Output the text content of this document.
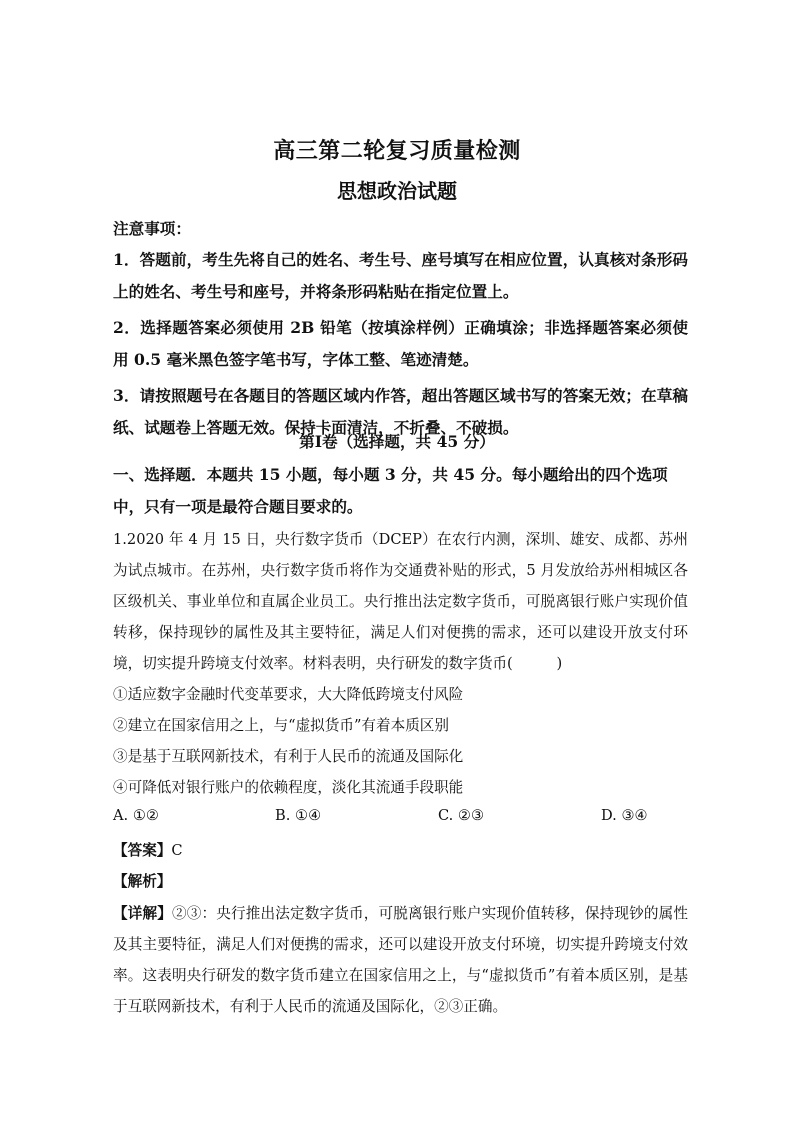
高三第二轮复习质量检测
思想政治试题
注意事项：

1．答题前，考生先将自己的姓名、考生号、座号填写在相应位置，认真核对条形码上的姓名、考生号和座号，并将条形码粘贴在指定位置上。

2．选择题答案必须使用 2B 铅笔（按填涂样例）正确填涂；非选择题答案必须使用 0.5 毫米黑色签字笔书写，字体工整、笔迹清楚。

3．请按照题号在各题目的答题区域内作答，超出答题区域书写的答案无效；在草稿纸、试题卷上答题无效。保持卡面清洁，不折叠、不破损。

第Ⅰ卷（选择题，共 45 分）
一、选择题．本题共 15 小题，每小题 3 分，共 45 分。每小题给出的四个选项中，只有一项是最符合题目要求的。

1.2020 年 4 月 15 日，央行数字货币（DCEP）在农行内测，深圳、雄安、成都、苏州为试点城市。在苏州，央行数字货币将作为交通费补贴的形式，5 月发放给苏州相城区各区级机关、事业单位和直属企业员工。央行推出法定数字货币，可脱离银行账户实现价值转移，保持现钞的属性及其主要特征，满足人们对便携的需求，还可以建设开放支付环境，切实提升跨境支付效率。材料表明，央行研发的数字货币(　　　)

①适应数字金融时代变革要求，大大降低跨境支付风险

②建立在国家信用之上，与“虚拟货币”有着本质区别

③是基于互联网新技术，有利于人民币的流通及国际化

④可降低对银行账户的依赖程度，淡化其流通手段职能

A. ①②	B. ①④	C. ②③	D. ③④
【答案】C
【解析】
【详解】②③：央行推出法定数字货币，可脱离银行账户实现价值转移，保持现钞的属性及其主要特征，满足人们对便携的需求，还可以建设开放支付环境，切实提升跨境支付效率。这表明央行研发的数字货币建立在国家信用之上，与“虚拟货币”有着本质区别，是基于互联网新技术，有利于人民币的流通及国际化，②③正确。
